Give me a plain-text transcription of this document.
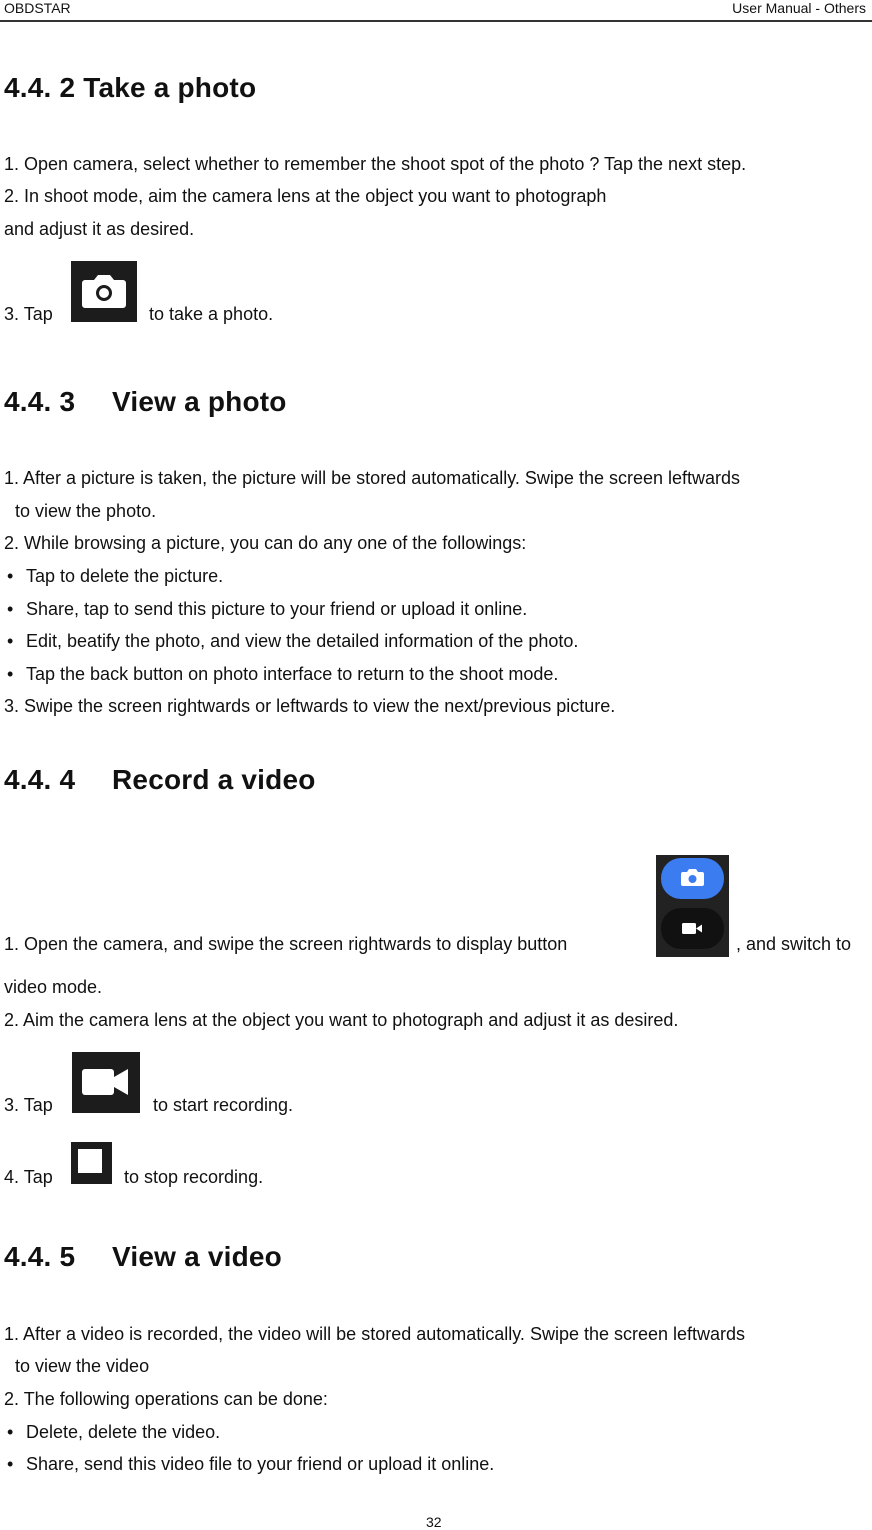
OBDSTAR	User Manual - Others
4.4. 2 Take a photo
1. Open camera, select whether to remember the shoot spot of the photo ? Tap the next step.
2. In shoot mode, aim the camera lens at the object you want to photograph
and adjust it as desired.
3. Tap	to take a photo.
4.4. 3 View a photo
1. After a picture is taken, the picture will be stored automatically. Swipe the screen leftwards
to view the photo.
2. While browsing a picture, you can do any one of the followings:
• Tap to delete the picture.
• Share, tap to send this picture to your friend or upload it online.
• Edit, beatify the photo, and view the detailed information of the photo.
• Tap the back button on photo interface to return to the shoot mode.
3. Swipe the screen rightwards or leftwards to view the next/previous picture.
4.4. 4 Record a video
1. Open the camera, and swipe the screen rightwards to display button	, and switch to
video mode.
2. Aim the camera lens at the object you want to photograph and adjust it as desired.
3. Tap	to start recording.
4. Tap	to stop recording.
4.4. 5 View a video
1. After a video is recorded, the video will be stored automatically. Swipe the screen leftwards
to view the video
2. The following operations can be done:
• Delete, delete the video.
• Share, send this video file to your friend or upload it online.
32
